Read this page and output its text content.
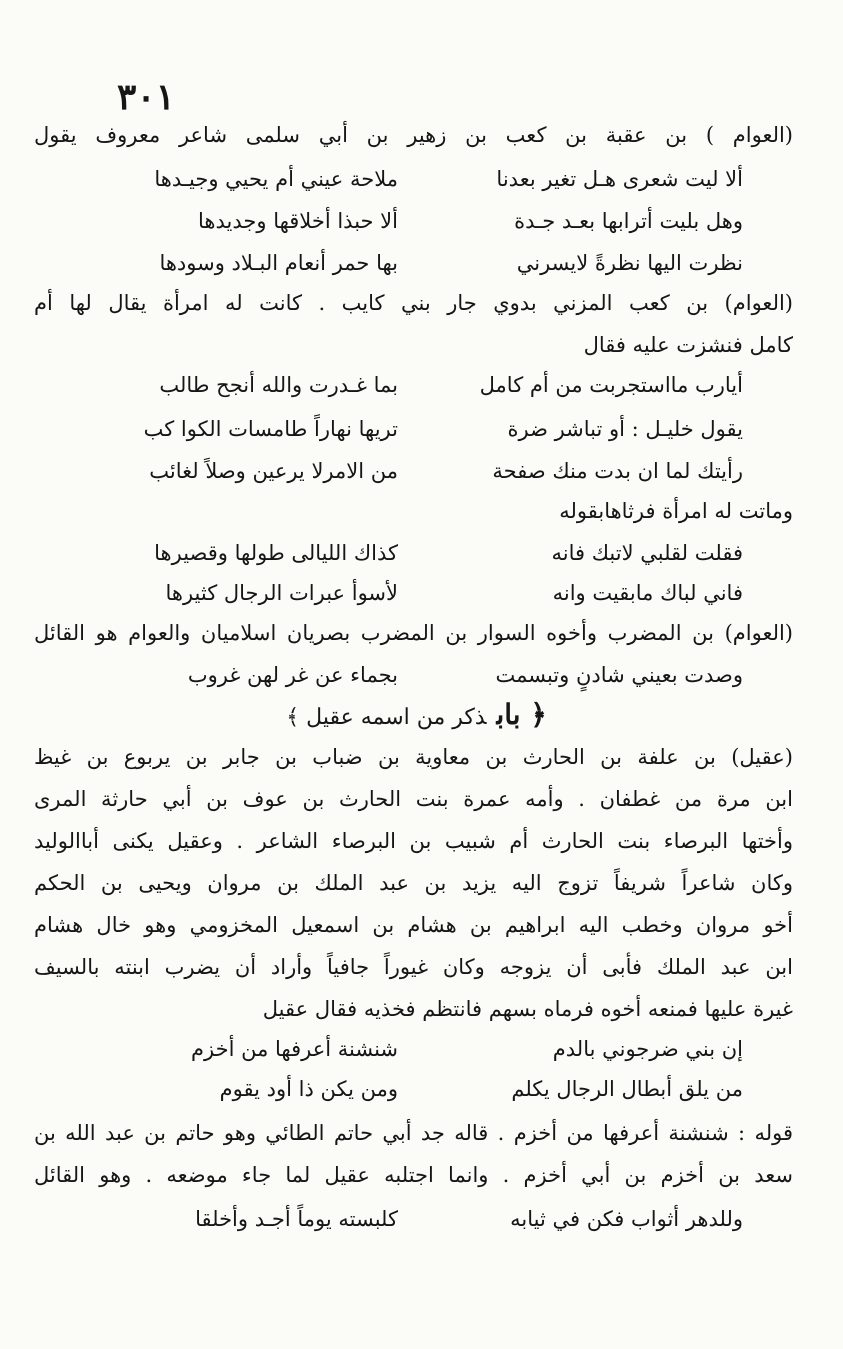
٣٠١
(العوام ) بن عقبة بن كعب بن زهير بن أبي سلمى شاعر معروف يقول
ألا ليت شعرى هـل تغير بعدنا
ملاحة عيني أم يحيي وجيـدها
وهل بليت أترابها بعـد جـدة
ألا حبذا أخلاقها وجديدها
نظرت اليها نظرةً لايسرني
بها حمر أنعام البـلاد وسودها
(العوام) بن كعب المزني بدوي جار بني كايب . كانت له امرأة يقال لها أم
كامل فنشزت عليه فقال
أيارب مااستجربت من أم كامل
بما غـدرت والله أنجح طالب
يقول خليـل : أو تباشر ضرة
تريها نهاراً طامسات الكوا كب
رأيتك لما ان بدت منك صفحة
من الامرلا يرعين وصلاً لغائب
وماتت له امرأة فرثاهابقوله
فقلت لقلبي لاتبك فانه
كذاك الليالى طولها وقصيرها
فاني لباك مابقيت وانه
لأسوأ عبرات الرجال كثيرها
(العوام) بن المضرب وأخوه السوار بن المضرب بصريان اسلاميان والعوام هو القائل
وصدت بعيني شادنٍ وتبسمت
بجماء عن غر لهن غروب
﴿ بابذكر من اسمه عقيل ﴾
(عقيل) بن علفة بن الحارث بن معاوية بن ضباب بن جابر بن يربوع بن غيظ
ابن مرة من غطفان . وأمه عمرة بنت الحارث بن عوف بن أبي حارثة المرى
وأختها البرصاء بنت الحارث أم شبيب بن البرصاء الشاعر . وعقيل يكنى أباالوليد
وكان شاعراً شريفاً تزوج اليه يزيد بن عبد الملك بن مروان ويحيى بن الحكم
أخو مروان وخطب اليه ابراهيم بن هشام بن اسمعيل المخزومي وهو خال هشام
ابن عبد الملك فأبى أن يزوجه وكان غيوراً جافياً وأراد أن يضرب ابنته بالسيف
غيرة عليها فمنعه أخوه فرماه بسهم فانتظم فخذيه فقال عقيل
إن بني ضرجوني بالدم
شنشنة أعرفها من أخزم
من يلق أبطال الرجال يكلم
ومن يكن ذا أود يقوم
قوله : شنشنة أعرفها من أخزم . قاله جد أبي حاتم الطائي وهو حاتم بن عبد الله بن
سعد بن أخزم بن أبي أخزم . وانما اجتلبه عقيل لما جاء موضعه . وهو القائل
وللدهر أثواب فكن في ثيابه
كلبسته يوماً أجـد وأخلقا
